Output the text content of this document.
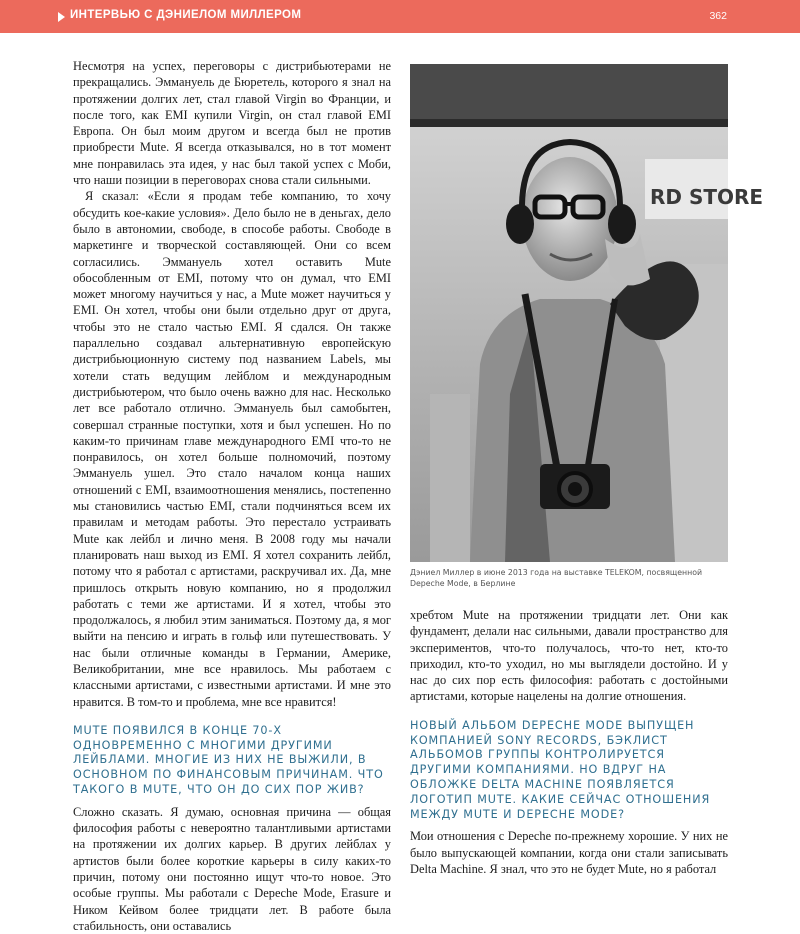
ИНТЕРВЬЮ С ДЭНИЕЛОМ МИЛЛЕРОМ	362

Несмотря на успех, переговоры с дистрибьютерами не прекращались. Эммануель де Бюретель, которого я знал на протяжении долгих лет, стал главой Virgin во Франции, и после того, как EMI купили Virgin, он стал главой EMI Европа. Он был моим другом и всегда был не против приобрести Mute. Я всегда отказывался, но в тот момент мне понравилась эта идея, у нас был такой успех с Моби, что наши позиции в переговорах снова стали сильными.

Я сказал: «Если я продам тебе компанию, то хочу обсудить кое-какие условия». Дело было не в деньгах, дело было в автономии, свободе, в способе работы. Свободе в маркетинге и творческой составляющей. Они со всем согласились. Эммануель хотел оставить Mute обособленным от EMI, потому что он думал, что EMI может многому научиться у нас, а Mute может научиться у EMI. Он хотел, чтобы они были отдельно друг от друга, чтобы это не стало частью EMI. Я сдался. Он также параллельно создавал альтернативную европейскую дистрибьюционную систему под названием Labels, мы хотели стать ведущим лейблом и международным дистрибьютером, что было очень важно для нас. Несколько лет все работало отлично. Эммануель был самобытен, совершал странные поступки, хотя и был успешен. Но по каким-то причинам главе международного EMI что-то не понравилось, он хотел больше полномочий, поэтому Эммануель ушел. Это стало началом конца наших отношений с EMI, взаимоотношения менялись, постепенно мы становились частью EMI, стали подчиняться всем их правилам и методам работы. Это перестало устраивать Mute как лейбл и лично меня. В 2008 году мы начали планировать наш выход из EMI. Я хотел сохранить лейбл, потому что я работал с артистами, раскручивал их. Да, мне пришлось открыть новую компанию, но я продолжил работать с теми же артистами. И я хотел, чтобы это продолжалось, я любил этим заниматься. Поэтому да, я мог выйти на пенсию и играть в гольф или путешествовать. У нас были отличные команды в Германии, Америке, Великобритании, мне все нравилось. Мы работаем с классными артистами, с известными артистами. И мне это нравится. В том-то и проблема, мне все нравится!

MUTE ПОЯВИЛСЯ В КОНЦЕ 70-Х ОДНОВРЕМЕННО С МНОГИМИ ДРУГИМИ ЛЕЙБЛАМИ. МНОГИЕ ИЗ НИХ НЕ ВЫЖИЛИ, В ОСНОВНОМ ПО ФИНАНСОВЫМ ПРИЧИНАМ. ЧТО ТАКОГО В MUTE, ЧТО ОН ДО СИХ ПОР ЖИВ?

Сложно сказать. Я думаю, основная причина — общая философия работы с невероятно талантливыми артистами на протяжении их долгих карьер. В других лейблах у артистов были более короткие карьеры в силу каких-то причин, потому они постоянно ищут что-то новое. Это особые группы. Мы работали с Depeche Mode, Erasure и Ником Кейвом более тридцати лет. В работе была стабильность, они оставались

RD STORE
Дэниел Миллер в июне 2013 года на выставке TELEKOM, посвященной Depeche Mode, в Берлине

хребтом Mute на протяжении тридцати лет. Они как фундамент, делали нас сильными, давали пространство для экспериментов, что-то получалось, что-то нет, кто-то приходил, кто-то уходил, но мы выглядели достойно. И у нас до сих пор есть философия: работать с достойными артистами, которые нацелены на долгие отношения.

НОВЫЙ АЛЬБОМ DEPECHE MODE ВЫПУЩЕН КОМПАНИЕЙ SONY RECORDS, БЭКЛИСТ АЛЬБОМОВ ГРУППЫ КОНТРОЛИРУЕТСЯ ДРУГИМИ КОМПАНИЯМИ. НО ВДРУГ НА ОБЛОЖКЕ DELTA MACHINE ПОЯВЛЯЕТСЯ ЛОГОТИП MUTE. КАКИЕ СЕЙЧАС ОТНОШЕНИЯ МЕЖДУ MUTE И DEPECHE MODE?

Мои отношения с Depeche по-прежнему хорошие. У них не было выпускающей компании, когда они стали записывать Delta Machine. Я знал, что это не будет Mute, но я работал
